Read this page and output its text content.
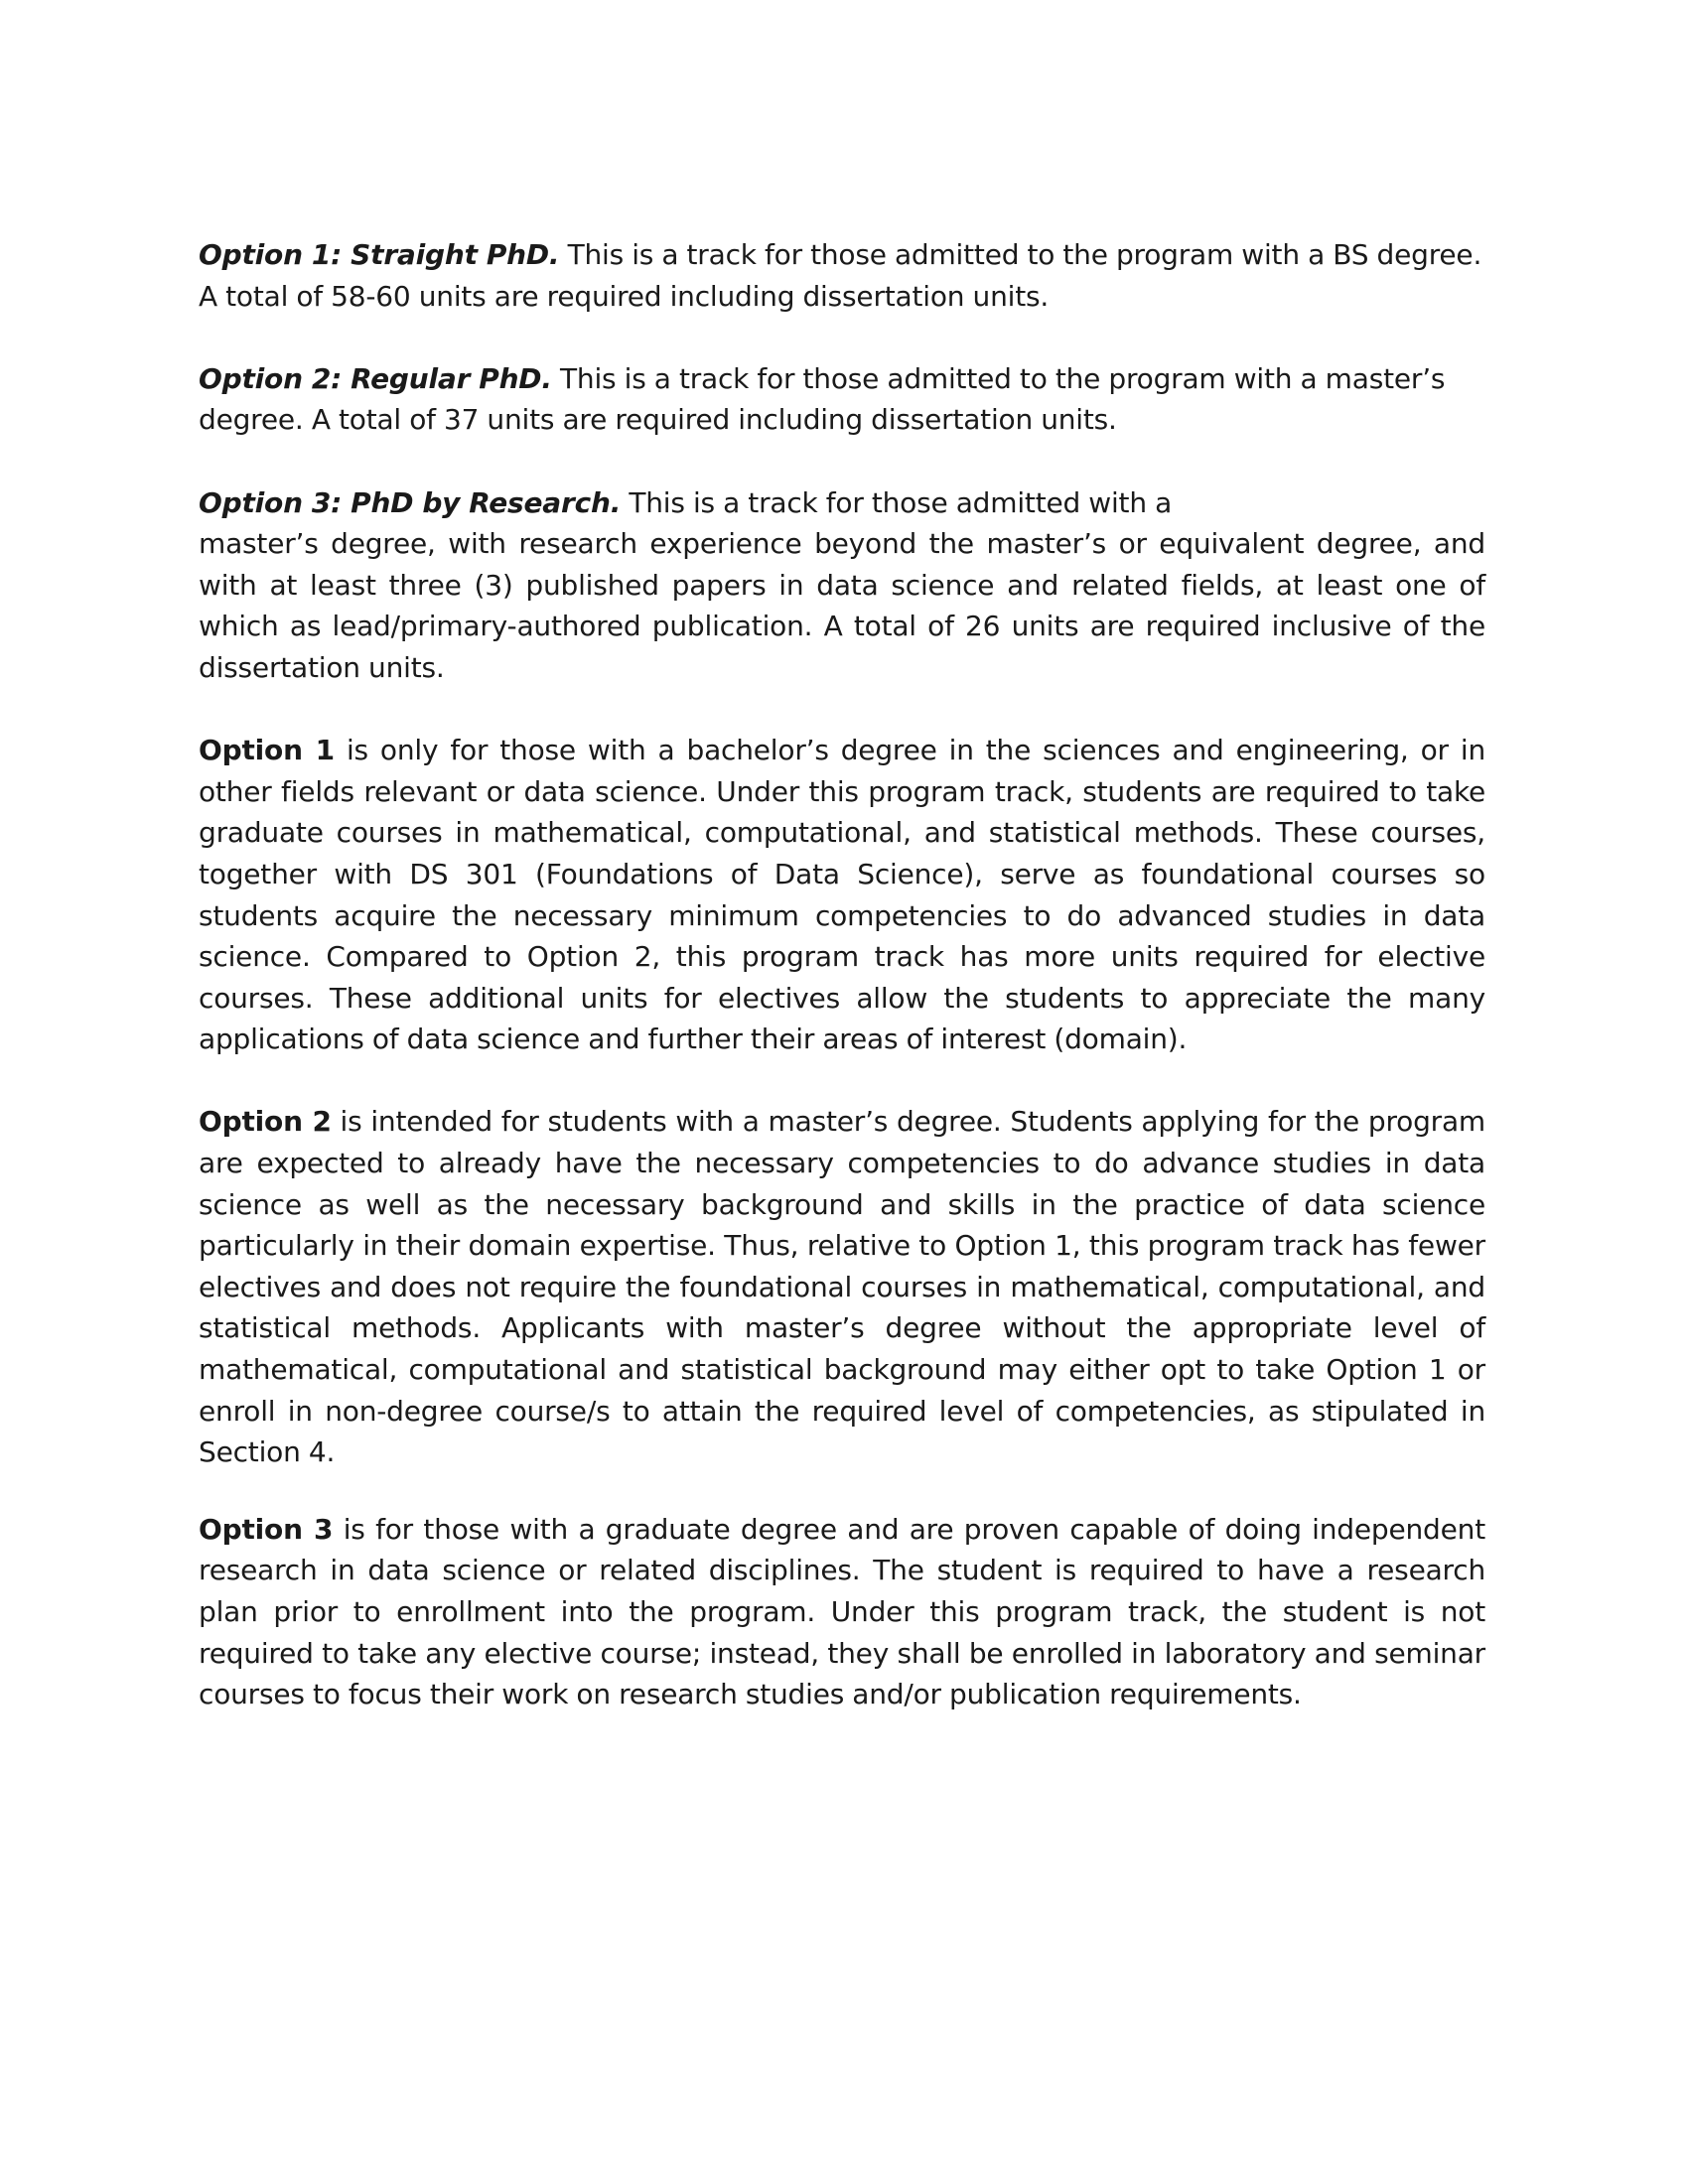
Option 1: Straight PhD. This is a track for those admitted to the program with a BS degree. A total of 58-60 units are required including dissertation units.

Option 2: Regular PhD. This is a track for those admitted to the program with a master’s degree. A total of 37 units are required including dissertation units.

Option 3: PhD by Research. This is a track for those admitted with a

master’s degree, with research experience beyond the master’s or equivalent degree, and with at least three (3) published papers in data science and related fields, at least one of which as lead/primary-authored publication. A total of 26 units are required inclusive of the dissertation units.

Option 1 is only for those with a bachelor’s degree in the sciences and engineering, or in other fields relevant or data science. Under this program track, students are required to take graduate courses in mathematical, computational, and statistical methods. These courses, together with DS 301 (Foundations of Data Science), serve as foundational courses so students acquire the necessary minimum competencies to do advanced studies in data science. Compared to Option 2, this program track has more units required for elective courses. These additional units for electives allow the students to appreciate the many applications of data science and further their areas of interest (domain).

Option 2 is intended for students with a master’s degree. Students applying for the program are expected to already have the necessary competencies to do advance studies in data science as well as the necessary background and skills in the practice of data science particularly in their domain expertise. Thus, relative to Option 1, this program track has fewer electives and does not require the foundational courses in mathematical, computational, and statistical methods. Applicants with master’s degree without the appropriate level of mathematical, computational and statistical background may either opt to take Option 1 or enroll in non-degree course/s to attain the required level of competencies, as stipulated in Section 4.

Option 3 is for those with a graduate degree and are proven capable of doing independent research in data science or related disciplines. The student is required to have a research plan prior to enrollment into the program. Under this program track, the student is not required to take any elective course; instead, they shall be enrolled in laboratory and seminar courses to focus their work on research studies and/or publication requirements.
